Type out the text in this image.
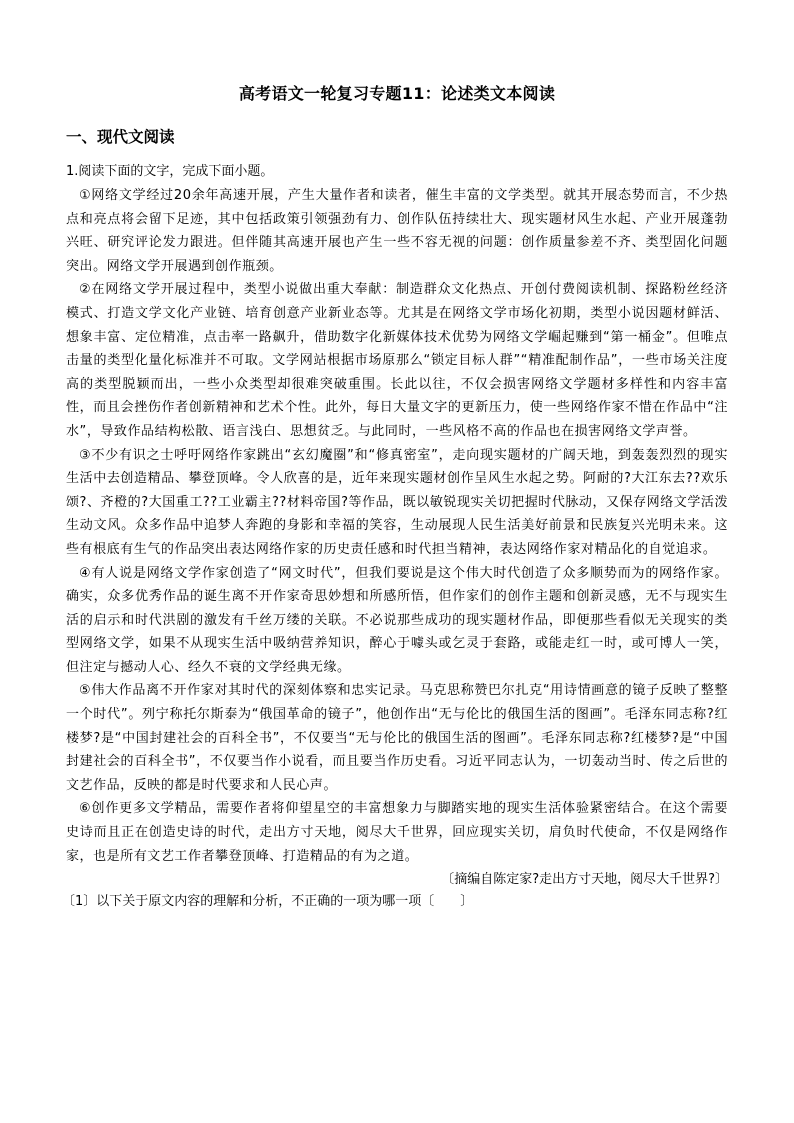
高考语文一轮复习专题11：论述类文本阅读
一、现代文阅读

1.阅读下面的文字，完成下面小题。

①网络文学经过20余年高速开展，产生大量作者和读者，催生丰富的文学类型。就其开展态势而言，不少热点和亮点将会留下足迹，其中包括政策引领强劲有力、创作队伍持续壮大、现实题材风生水起、产业开展蓬勃兴旺、研究评论发力跟进。但伴随其高速开展也产生一些不容无视的问题：创作质量参差不齐、类型固化问题突出。网络文学开展遇到创作瓶颈。

②在网络文学开展过程中，类型小说做出重大奉献：制造群众文化热点、开创付费阅读机制、探路粉丝经济模式、打造文学文化产业链、培育创意产业新业态等。尤其是在网络文学市场化初期，类型小说因题材鲜活、想象丰富、定位精准，点击率一路飙升，借助数字化新媒体技术优势为网络文学崛起赚到“第一桶金”。但唯点击量的类型化量化标准并不可取。文学网站根据市场原那么“锁定目标人群”“精准配制作品”，一些市场关注度高的类型脱颖而出，一些小众类型却很难突破重围。长此以往，不仅会损害网络文学题材多样性和内容丰富性，而且会挫伤作者创新精神和艺术个性。此外，每日大量文字的更新压力，使一些网络作家不惜在作品中“注水”，导致作品结构松散、语言浅白、思想贫乏。与此同时，一些风格不高的作品也在损害网络文学声誉。

③不少有识之士呼吁网络作家跳出“玄幻魔圈”和“修真密室”，走向现实题材的广阔天地，到轰轰烈烈的现实生活中去创造精品、攀登顶峰。令人欣喜的是，近年来现实题材创作呈风生水起之势。阿耐的?大江东去??欢乐颂?、齐橙的?大国重工??工业霸主??材料帝国?等作品，既以敏锐现实关切把握时代脉动，又保存网络文学活泼生动文风。众多作品中追梦人奔跑的身影和幸福的笑容，生动展现人民生活美好前景和民族复兴光明未来。这些有根底有生气的作品突出表达网络作家的历史责任感和时代担当精神，表达网络作家对精品化的自觉追求。

④有人说是网络文学作家创造了“网文时代”，但我们要说是这个伟大时代创造了众多顺势而为的网络作家。确实，众多优秀作品的诞生离不开作家奇思妙想和所感所悟，但作家们的创作主题和创新灵感，无不与现实生活的启示和时代洪剧的激发有千丝万缕的关联。不必说那些成功的现实题材作品，即便那些看似无关现实的类型网络文学，如果不从现实生活中吸纳营养知识，醉心于噱头或乞灵于套路，或能走红一时，或可博人一笑，但注定与撼动人心、经久不衰的文学经典无缘。

⑤伟大作品离不开作家对其时代的深刻体察和忠实记录。马克思称赞巴尔扎克“用诗情画意的镜子反映了整整一个时代”。列宁称托尔斯泰为“俄国革命的镜子”，他创作出“无与伦比的俄国生活的图画”。毛泽东同志称?红楼梦?是“中国封建社会的百科全书”，不仅要当“无与伦比的俄国生活的图画”。毛泽东同志称?红楼梦?是“中国封建社会的百科全书”，不仅要当作小说看，而且要当作历史看。习近平同志认为，一切轰动当时、传之后世的文艺作品，反映的都是时代要求和人民心声。

⑥创作更多文学精品，需要作者将仰望星空的丰富想象力与脚踏实地的现实生活体验紧密结合。在这个需要史诗而且正在创造史诗的时代，走出方寸天地，阅尽大千世界，回应现实关切，肩负时代使命，不仅是网络作家，也是所有文艺工作者攀登顶峰、打造精品的有为之道。

〔摘编自陈定家?走出方寸天地，阅尽大千世界?〕

〔1〕以下关于原文内容的理解和分析，不正确的一项为哪一项〔　　〕
